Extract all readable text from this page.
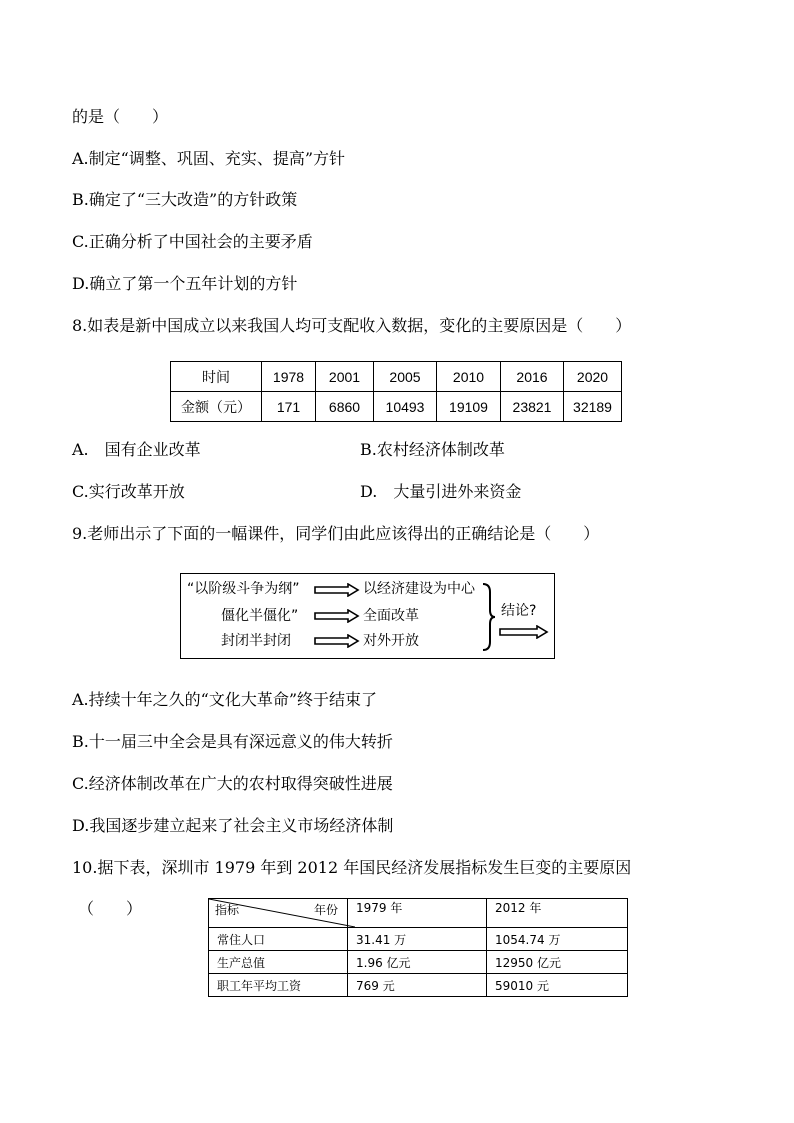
的是（　　）
A.制定“调整、巩固、充实、提高”方针
B.确定了“三大改造”的方针政策
C.正确分析了中国社会的主要矛盾
D.确立了第一个五年计划的方针
8.如表是新中国成立以来我国人均可支配收入数据，变化的主要原因是（　　）
时间	1978	2001	2005	2010	2016	2020
金额（元）	171	6860	10493	19109	23821	32189
A.　国有企业改革	B.农村经济体制改革
C.实行改革开放	D.　大量引进外来资金
9.老师出示了下面的一幅课件，同学们由此应该得出的正确结论是（　　）
“以阶级斗争为纲”
僵化半僵化”
封闭半封闭
以经济建设为中心
全面改革
对外开放
结论?
A.持续十年之久的“文化大革命”终于结束了
B.十一届三中全会是具有深远意义的伟大转折
C.经济体制改革在广大的农村取得突破性进展
D.我国逐步建立起来了社会主义市场经济体制
10.据下表，深圳市 1979 年到 2012 年国民经济发展指标发生巨变的主要原因
（　　）	指标 年份	1979 年	2012 年
常住人口	31.41 万	1054.74 万
生产总值	1.96 亿元	12950 亿元
职工年平均工资	769 元	59010 元
